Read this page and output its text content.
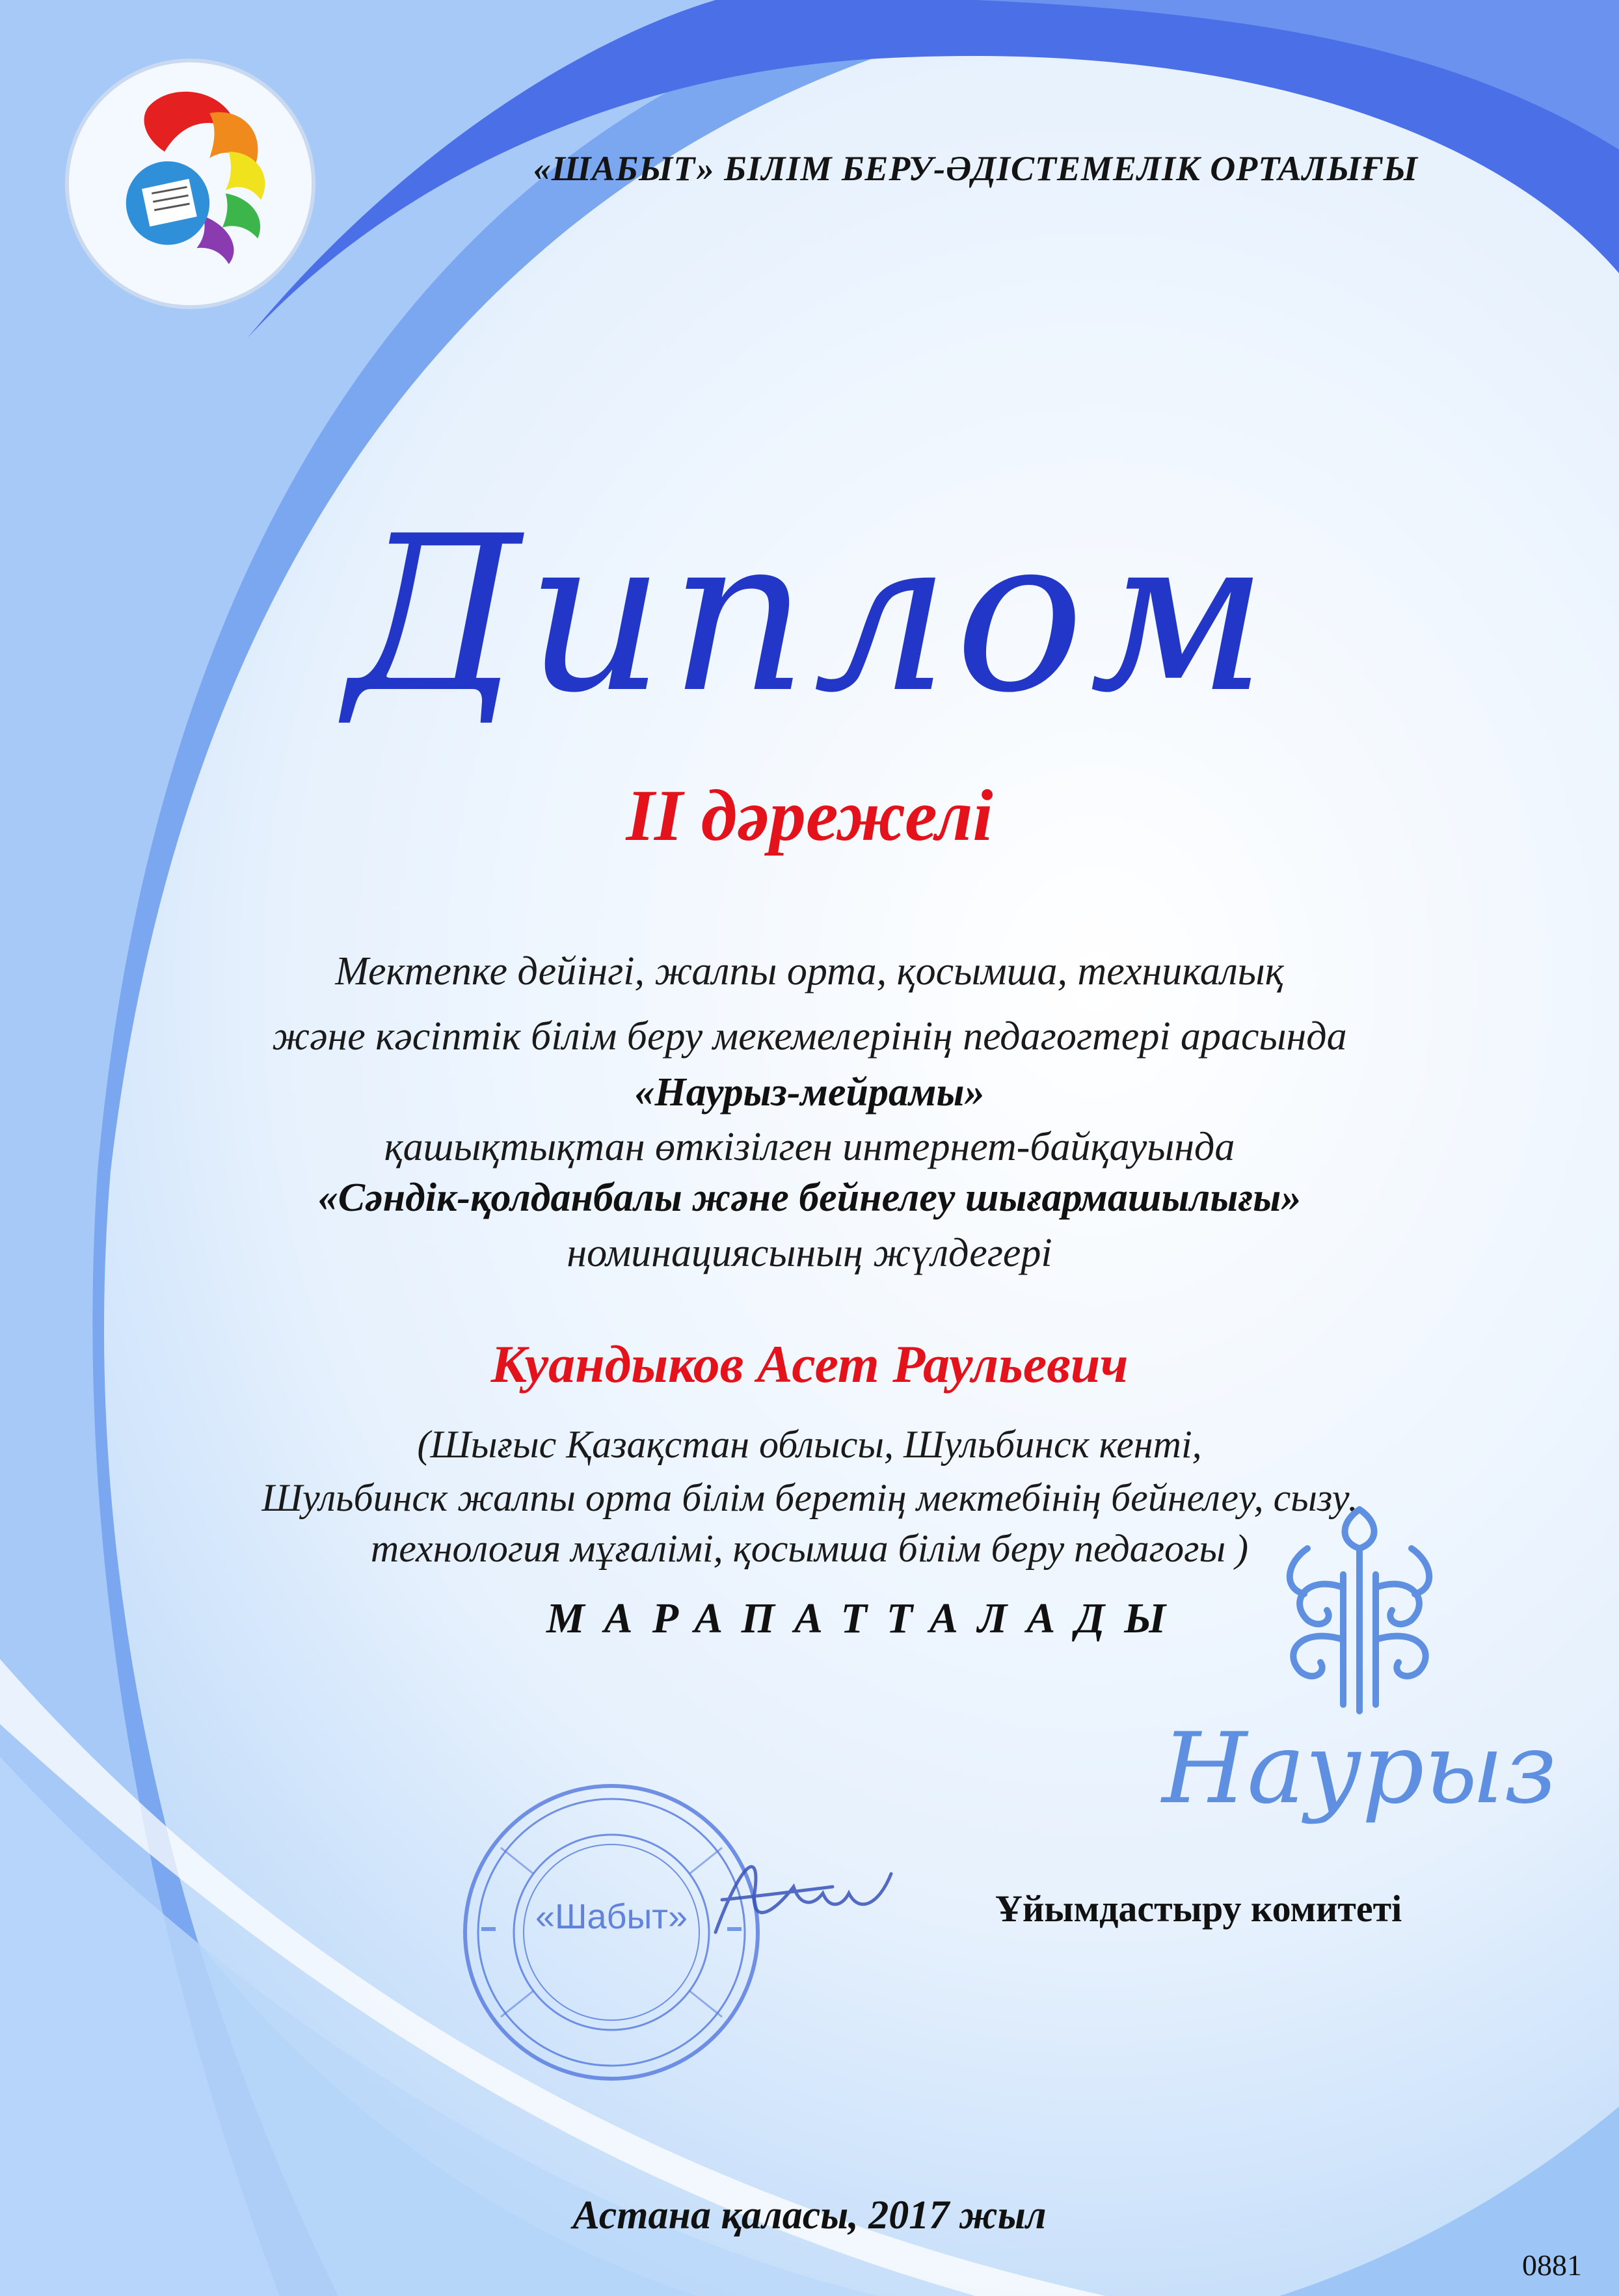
«ШАБЫТ» БІЛІМ БЕРУ-ӘДІСТЕМЕЛІК ОРТАЛЫҒЫ
Диплом
ІІ дәрежелі
Мектепке дейінгі, жалпы орта, қосымша, техникалық
және кәсіптік білім беру мекемелерінің педагогтері арасында
«Наурыз-мейрамы»
қашықтықтан өткізілген интернет-байқауында
«Сәндік-қолданбалы және бейнелеу шығармашылығы»
номинациясының жүлдегері
Куандыков Асет Раульевич
(Шығыс Қазақстан облысы, Шульбинск кенті,
Шульбинск жалпы орта білім беретің мектебінің бейнелеу, сызу,
технология мұғалімі, қосымша білім беру педагогы )
МАРАПАТТАЛАДЫ
Наурыз
«Шабыт»	Ұйымдастыру комитеті
Астана қаласы, 2017 жыл
0881
